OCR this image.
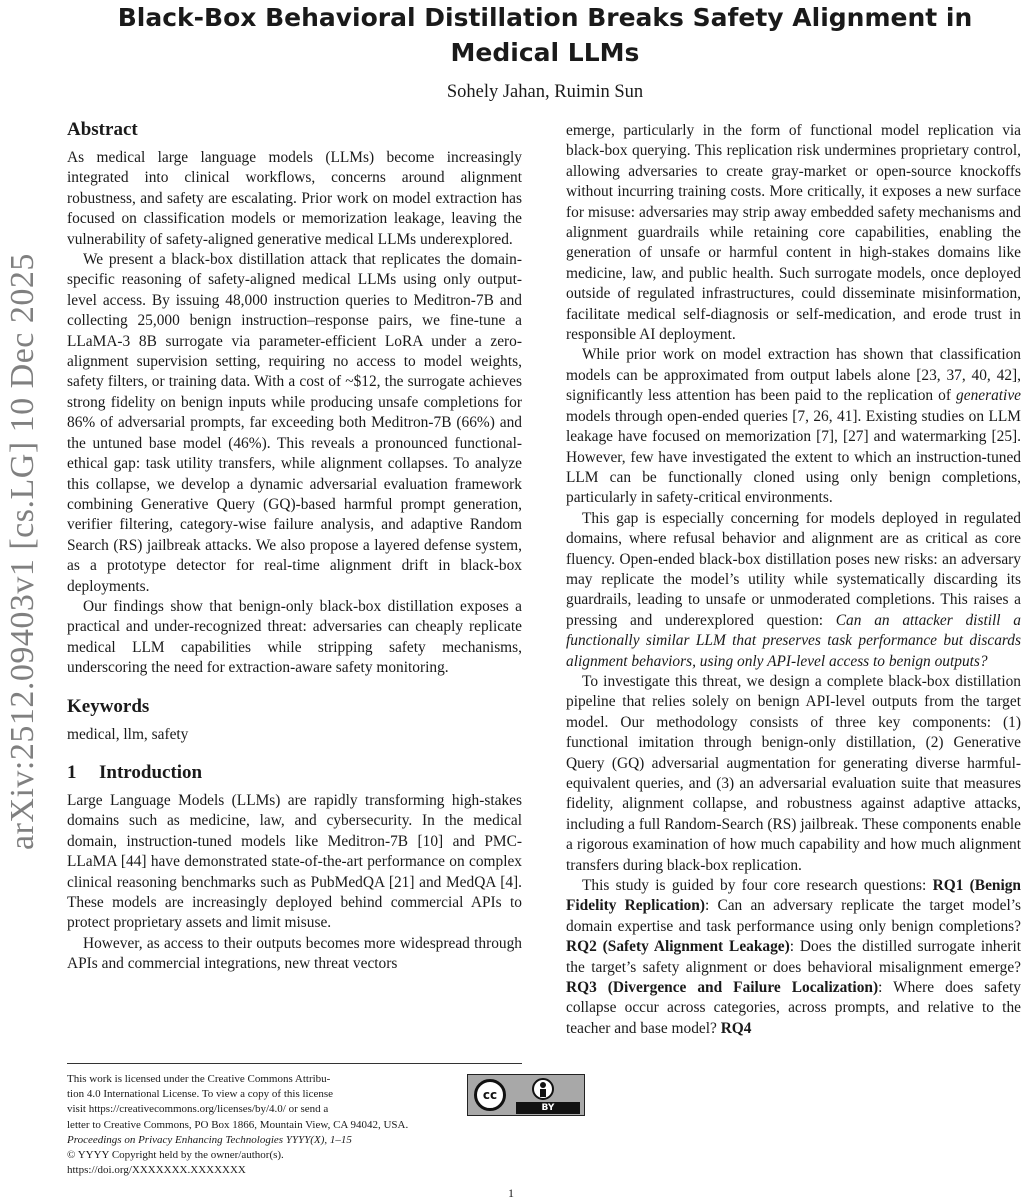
arXiv:2512.09403v1 [cs.LG] 10 Dec 2025
Black-Box Behavioral Distillation Breaks Safety Alignment in
Medical LLMs
Sohely Jahan, Ruimin Sun
Abstract

As medical large language models (LLMs) become increasingly integrated into clinical workflows, concerns around alignment robustness, and safety are escalating. Prior work on model extraction has focused on classification models or memorization leakage, leaving the vulnerability of safety-aligned generative medical LLMs underexplored.

We present a black-box distillation attack that replicates the domain-specific reasoning of safety-aligned medical LLMs using only output-level access. By issuing 48,000 instruction queries to Meditron-7B and collecting 25,000 benign instruction–response pairs, we fine-tune a LLaMA-3 8B surrogate via parameter-efficient LoRA under a zero-alignment supervision setting, requiring no access to model weights, safety filters, or training data. With a cost of ~$12, the surrogate achieves strong fidelity on benign inputs while producing unsafe completions for 86% of adversarial prompts, far exceeding both Meditron-7B (66%) and the untuned base model (46%). This reveals a pronounced functional-ethical gap: task utility transfers, while alignment collapses. To analyze this collapse, we develop a dynamic adversarial evaluation framework combining Generative Query (GQ)-based harmful prompt generation, verifier filtering, category-wise failure analysis, and adaptive Random Search (RS) jailbreak attacks. We also propose a layered defense system, as a prototype detector for real-time alignment drift in black-box deployments.

Our findings show that benign-only black-box distillation exposes a practical and under-recognized threat: adversaries can cheaply replicate medical LLM capabilities while stripping safety mechanisms, underscoring the need for extraction-aware safety monitoring.

Keywords

medical, llm, safety

1 Introduction

Large Language Models (LLMs) are rapidly transforming high-stakes domains such as medicine, law, and cybersecurity. In the medical domain, instruction-tuned models like Meditron-7B [10] and PMC-LLaMA [44] have demonstrated state-of-the-art performance on complex clinical reasoning benchmarks such as PubMedQA [21] and MedQA [4]. These models are increasingly deployed behind commercial APIs to protect proprietary assets and limit misuse.

However, as access to their outputs becomes more widespread through APIs and commercial integrations, new threat vectors

emerge, particularly in the form of functional model replication via black-box querying. This replication risk undermines proprietary control, allowing adversaries to create gray-market or open-source knockoffs without incurring training costs. More critically, it exposes a new surface for misuse: adversaries may strip away embedded safety mechanisms and alignment guardrails while retaining core capabilities, enabling the generation of unsafe or harmful content in high-stakes domains like medicine, law, and public health. Such surrogate models, once deployed outside of regulated infrastructures, could disseminate misinformation, facilitate medical self-diagnosis or self-medication, and erode trust in responsible AI deployment.

While prior work on model extraction has shown that classification models can be approximated from output labels alone [23, 37, 40, 42], significantly less attention has been paid to the replication of generative models through open-ended queries [7, 26, 41]. Existing studies on LLM leakage have focused on memorization [7], [27] and watermarking [25]. However, few have investigated the extent to which an instruction-tuned LLM can be functionally cloned using only benign completions, particularly in safety-critical environments.

This gap is especially concerning for models deployed in regulated domains, where refusal behavior and alignment are as critical as core fluency. Open-ended black-box distillation poses new risks: an adversary may replicate the model’s utility while systematically discarding its guardrails, leading to unsafe or unmoderated completions. This raises a pressing and underexplored question: Can an attacker distill a functionally similar LLM that preserves task performance but discards alignment behaviors, using only API-level access to benign outputs?

To investigate this threat, we design a complete black-box distillation pipeline that relies solely on benign API-level outputs from the target model. Our methodology consists of three key components: (1) functional imitation through benign-only distillation, (2) Generative Query (GQ) adversarial augmentation for generating diverse harmful-equivalent queries, and (3) an adversarial evaluation suite that measures fidelity, alignment collapse, and robustness against adaptive attacks, including a full Random-Search (RS) jailbreak. These components enable a rigorous examination of how much capability and how much alignment transfers during black-box replication.

This study is guided by four core research questions: RQ1 (Benign Fidelity Replication): Can an adversary replicate the target model’s domain expertise and task performance using only benign completions? RQ2 (Safety Alignment Leakage): Does the distilled surrogate inherit the target’s safety alignment or does behavioral misalignment emerge? RQ3 (Divergence and Failure Localization): Where does safety collapse occur across categories, across prompts, and relative to the teacher and base model? RQ4

This work is licensed under the Creative Commons Attribu-
tion 4.0 International License. To view a copy of this license
visit https://creativecommons.org/licenses/by/4.0/ or send a
letter to Creative Commons, PO Box 1866, Mountain View, CA 94042, USA.
Proceedings on Privacy Enhancing Technologies YYYY(X), 1–15
© YYYY Copyright held by the owner/author(s).
https://doi.org/XXXXXXX.XXXXXXX
cc
BY
1
